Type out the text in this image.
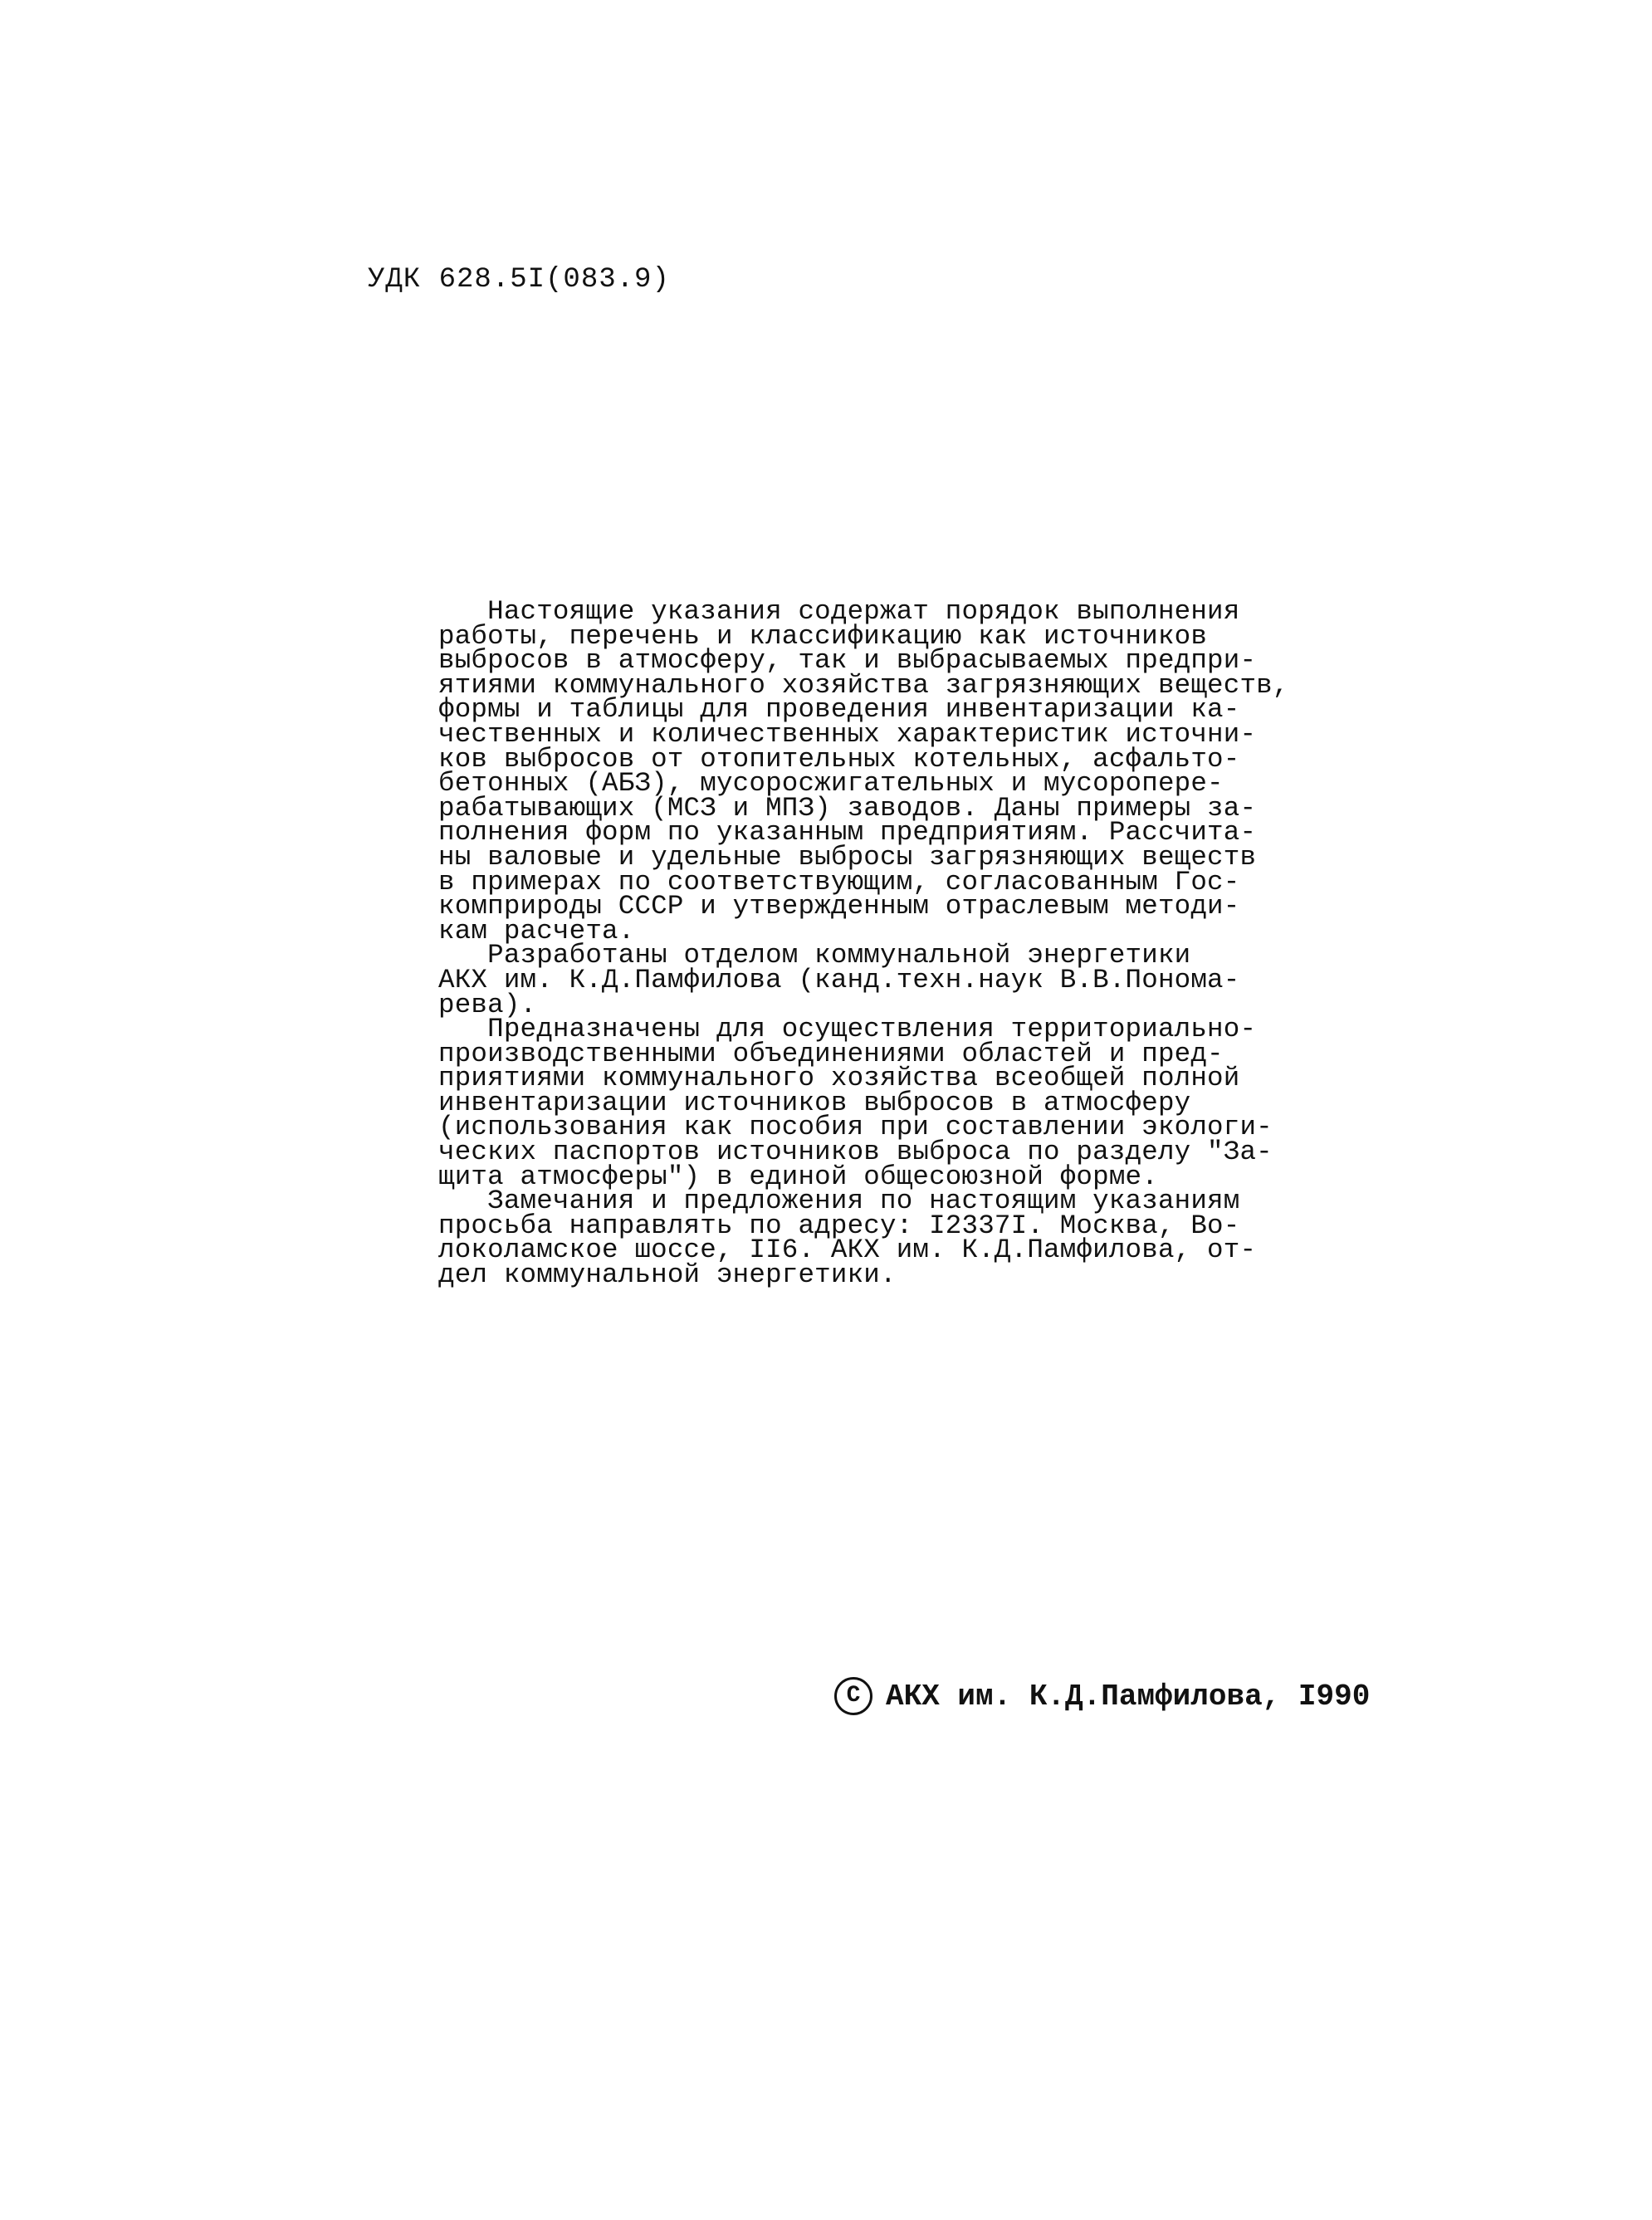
УДК 628.5I(083.9)
Настоящие указания содержат порядок выполнения
работы, перечень и классификацию как источников
выбросов в атмосферу, так и выбрасываемых предпри-
ятиями коммунального хозяйства загрязняющих веществ,
формы и таблицы для проведения инвентаризации ка-
чественных и количественных характеристик источни-
ков выбросов от отопительных котельных, асфальто-
бетонных (АБЗ), мусоросжигательных и мусоропере-
рабатывающих (МСЗ и МПЗ) заводов. Даны примеры за-
полнения форм по указанным предприятиям. Рассчита-
ны валовые и удельные выбросы загрязняющих веществ
в примерах по соответствующим, согласованным Гос-
комприроды СССР и утвержденным отраслевым методи-
кам расчета.
Разработаны отделом коммунальной энергетики
АКХ им. К.Д.Памфилова (канд.техн.наук В.В.Понома-
рева).
Предназначены для осуществления территориально-
производственными объединениями областей и пред-
приятиями коммунального хозяйства всеобщей полной
инвентаризации источников выбросов в атмосферу
(использования как пособия при составлении экологи-
ческих паспортов источников выброса по разделу "За-
щита атмосферы") в единой общесоюзной форме.
Замечания и предложения по настоящим указаниям
просьба направлять по адресу: I2337I. Москва, Во-
локоламское шоссе, II6. АКХ им. К.Д.Памфилова, от-
дел коммунальной энергетики.
C АКХ им. К.Д.Памфилова, I990
